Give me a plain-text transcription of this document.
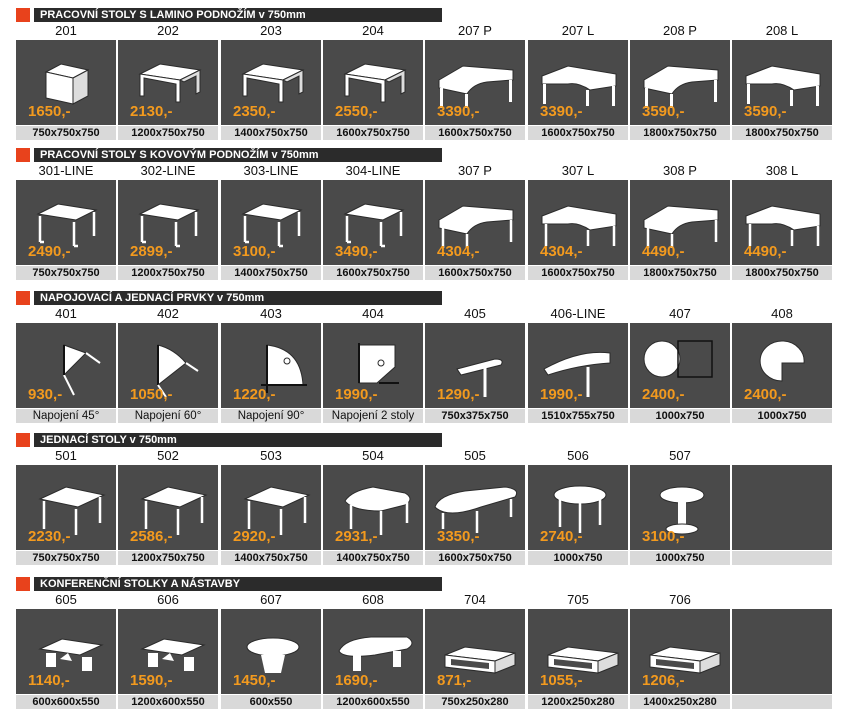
PRACOVNÍ STOLY S LAMINO PODNOŽÍM v 750mm
201	202	203	204	207 P	207 L	208 P	208 L
1650,-	2130,-	2350,-	2550,-	3390,-	3390,-	3590,-	3590,-
750x750x750	1200x750x750	1400x750x750	1600x750x750	1600x750x750	1600x750x750	1800x750x750	1800x750x750
PRACOVNÍ STOLY S KOVOVÝM PODNOŽÍM v 750mm
301-LINE	302-LINE	303-LINE	304-LINE	307 P	307 L	308 P	308 L
2490,-	2899,-	3100,-	3490,-	4304,-	4304,-	4490,-	4490,-
750x750x750	1200x750x750	1400x750x750	1600x750x750	1600x750x750	1600x750x750	1800x750x750	1800x750x750
NAPOJOVACÍ A JEDNACÍ PRVKY v 750mm
401	402	403	404	405	406-LINE	407	408
930,-	1050,-	1220,-	1990,-	1290,-	1990,-	2400,-	2400,-
Napojení 45°	Napojení 60°	Napojení 90°	Napojení 2 stoly	750x375x750	1510x755x750	1000x750	1000x750
JEDNACÍ STOLY v 750mm
501	502	503	504	505	506	507
2230,-	2586,-	2920,-	2931,-	3350,-	2740,-	3100,-
750x750x750	1200x750x750	1400x750x750	1400x750x750	1600x750x750	1000x750	1000x750
KONFERENČNÍ STOLKY A NÁSTAVBY
605	606	607	608	704	705	706
1140,-	1590,-	1450,-	1690,-	871,-	1055,-	1206,-
600x600x550	1200x600x550	600x550	1200x600x550	750x250x280	1200x250x280	1400x250x280
